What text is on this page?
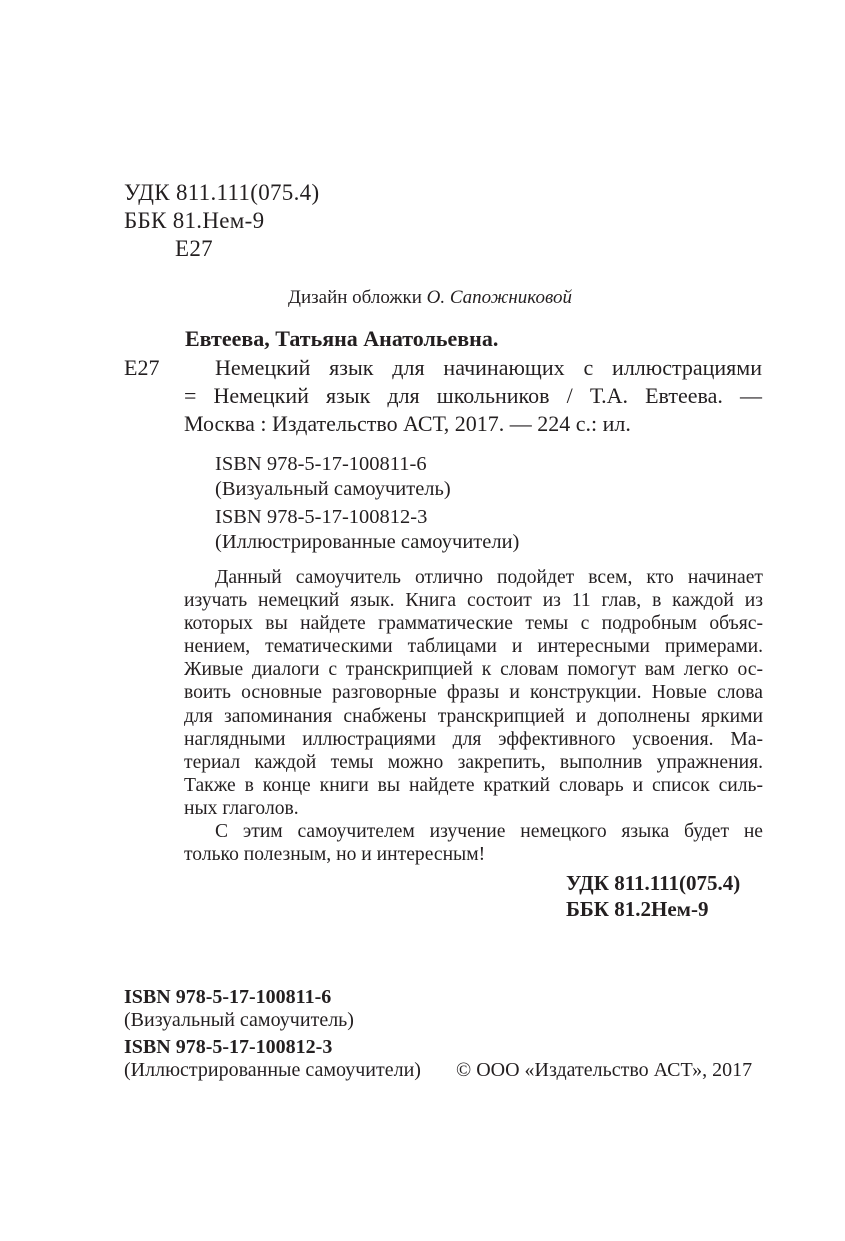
УДК 811.111(075.4)
ББК 81.Нем-9
Е27
Дизайн обложки О. Сапожниковой
Евтеева, Татьяна Анатольевна.
Е27	Немецкий язык для начинающих с иллюстрациями
= Немецкий язык для школьников / Т.А. Евтеева. —
Москва : Издательство АСТ, 2017. — 224 с.: ил.
ISBN 978-5-17-100811-6
(Визуальный самоучитель)
ISBN 978-5-17-100812-3
(Иллюстрированные самоучители)
Данный самоучитель отлично подойдет всем, кто начинает
изучать немецкий язык. Книга состоит из 11 глав, в каждой из
которых вы найдете грамматические темы с подробным объяс-
нением, тематическими таблицами и интересными примерами.
Живые диалоги с транскрипцией к словам помогут вам легко ос-
воить основные разговорные фразы и конструкции. Новые слова
для запоминания снабжены транскрипцией и дополнены яркими
наглядными иллюстрациями для эффективного усвоения. Ма-
териал каждой темы можно закрепить, выполнив упражнения.
Также в конце книги вы найдете краткий словарь и список силь-
ных глаголов.
С этим самоучителем изучение немецкого языка будет не
только полезным, но и интересным!
УДК 811.111(075.4)
ББК 81.2Нем-9
ISBN 978-5-17-100811-6
(Визуальный самоучитель)
ISBN 978-5-17-100812-3
(Иллюстрированные самоучители) © ООО «Издательство АСТ», 2017
